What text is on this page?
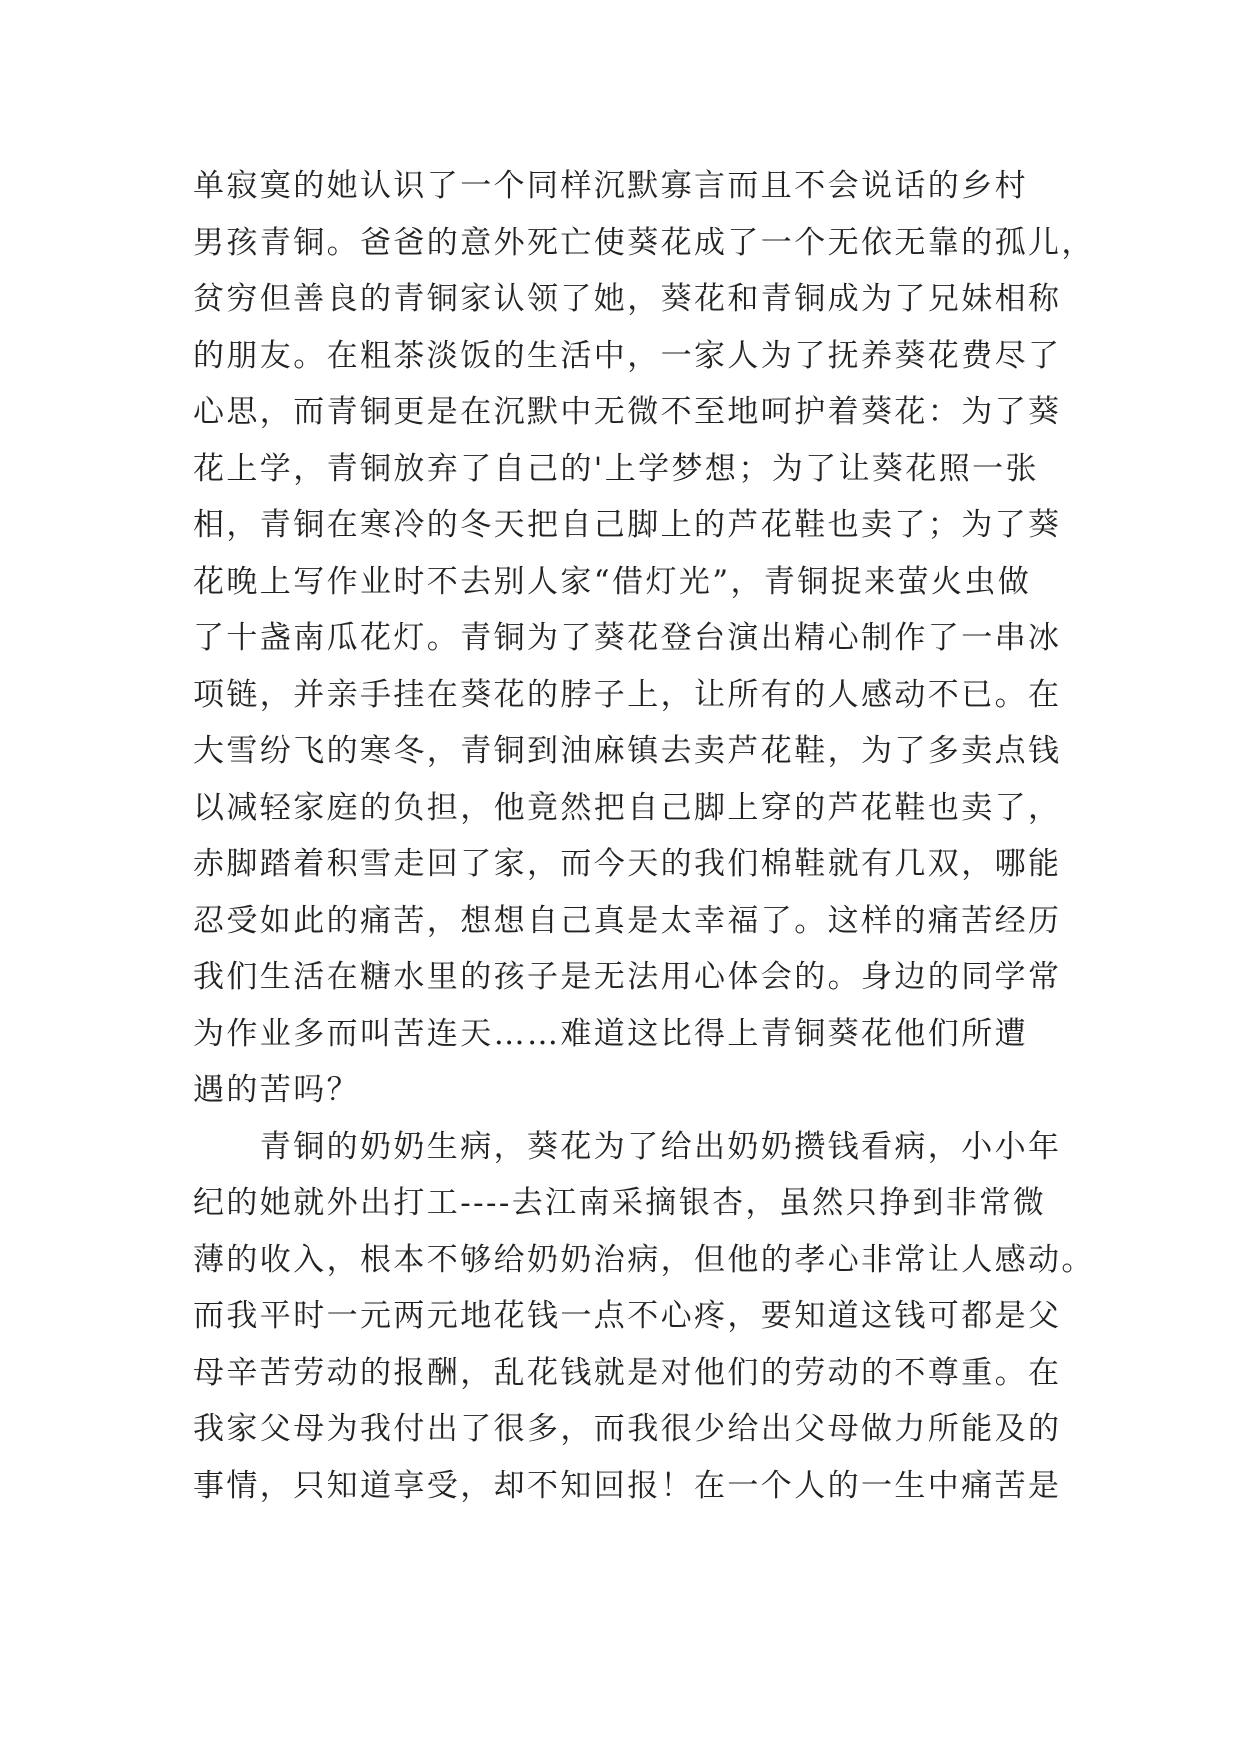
单寂寞的她认识了一个同样沉默寡言而且不会说话的乡村
男孩青铜。爸爸的意外死亡使葵花成了一个无依无靠的孤儿，
贫穷但善良的青铜家认领了她，葵花和青铜成为了兄妹相称
的朋友。在粗茶淡饭的生活中，一家人为了抚养葵花费尽了
心思，而青铜更是在沉默中无微不至地呵护着葵花：为了葵
花上学，青铜放弃了自己的'上学梦想；为了让葵花照一张
相，青铜在寒冷的冬天把自己脚上的芦花鞋也卖了；为了葵
花晚上写作业时不去别人家“借灯光”，青铜捉来萤火虫做
了十盏南瓜花灯。青铜为了葵花登台演出精心制作了一串冰
项链，并亲手挂在葵花的脖子上，让所有的人感动不已。在
大雪纷飞的寒冬，青铜到油麻镇去卖芦花鞋，为了多卖点钱
以减轻家庭的负担，他竟然把自己脚上穿的芦花鞋也卖了，
赤脚踏着积雪走回了家，而今天的我们棉鞋就有几双，哪能
忍受如此的痛苦，想想自己真是太幸福了。这样的痛苦经历
我们生活在糖水里的孩子是无法用心体会的。身边的同学常
为作业多而叫苦连天……难道这比得上青铜葵花他们所遭
遇的苦吗？
　　青铜的奶奶生病，葵花为了给出奶奶攒钱看病，小小年
纪的她就外出打工----去江南采摘银杏，虽然只挣到非常微
薄的收入，根本不够给奶奶治病，但他的孝心非常让人感动。
而我平时一元两元地花钱一点不心疼，要知道这钱可都是父
母辛苦劳动的报酬，乱花钱就是对他们的劳动的不尊重。在
我家父母为我付出了很多，而我很少给出父母做力所能及的
事情，只知道享受，却不知回报！在一个人的一生中痛苦是
